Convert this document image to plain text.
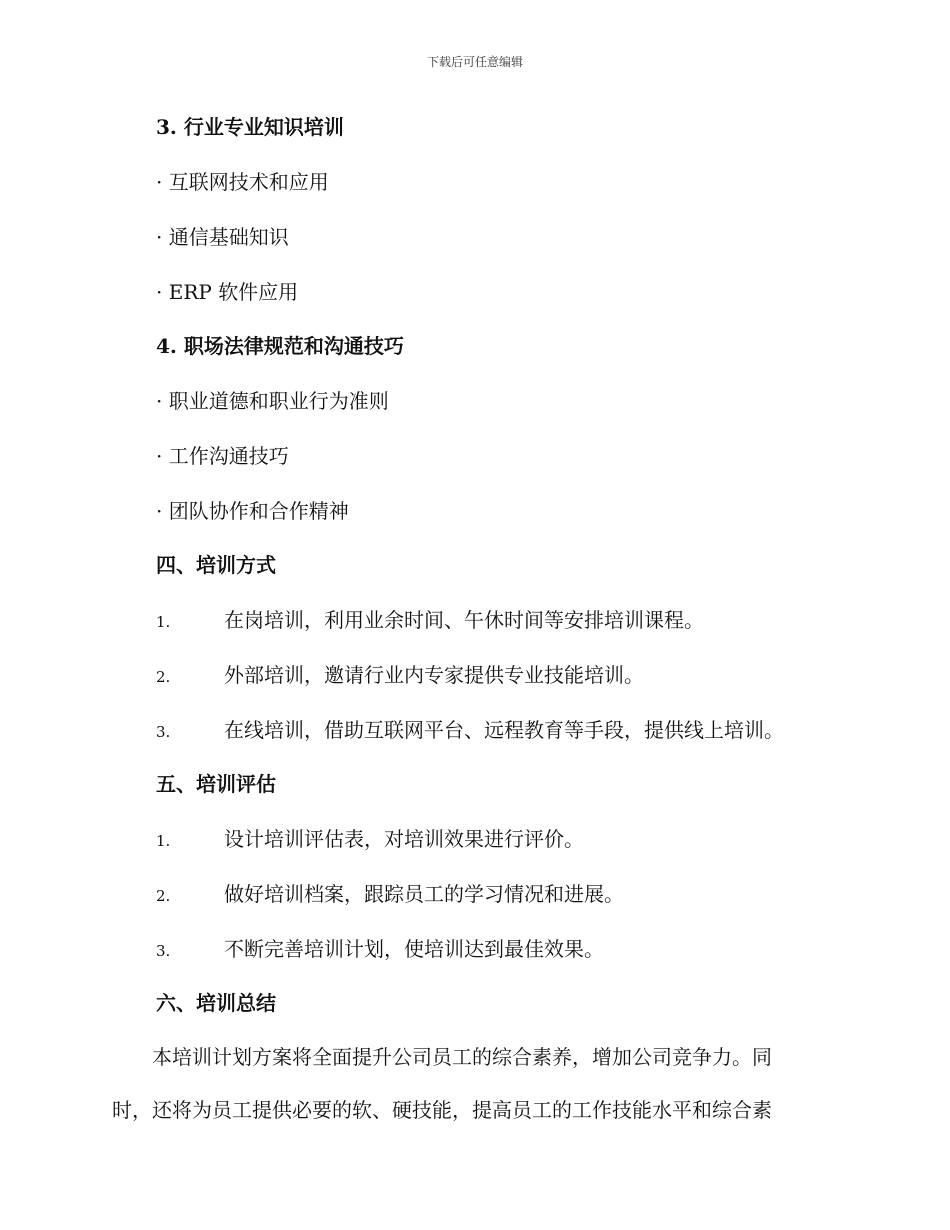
下载后可任意编辑
3. 行业专业知识培训
· 互联网技术和应用
· 通信基础知识
· ERP 软件应用
4. 职场法律规范和沟通技巧
· 职业道德和职业行为准则
· 工作沟通技巧
· 团队协作和合作精神
四、培训方式
1.	在岗培训，利用业余时间、午休时间等安排培训课程。
2.	外部培训，邀请行业内专家提供专业技能培训。
3.	在线培训，借助互联网平台、远程教育等手段，提供线上培训。
五、培训评估
1.	设计培训评估表，对培训效果进行评价。
2.	做好培训档案，跟踪员工的学习情况和进展。
3.	不断完善培训计划，使培训达到最佳效果。
六、培训总结
　　本培训计划方案将全面提升公司员工的综合素养，增加公司竞争力。同
时，还将为员工提供必要的软、硬技能，提高员工的工作技能水平和综合素
